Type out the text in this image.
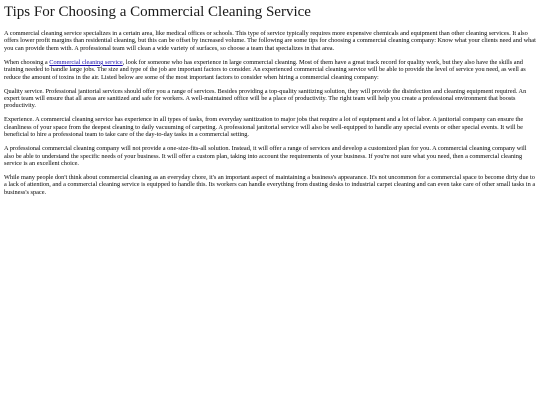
Tips For Choosing a Commercial Cleaning Service

A commercial cleaning service specializes in a certain area, like medical offices or schools. This type of service typically requires more expensive chemicals and equipment than other cleaning services. It also offers lower profit margins than residential cleaning, but this can be offset by increased volume. The following are some tips for choosing a commercial cleaning company: Know what your clients need and what you can provide them with. A professional team will clean a wide variety of surfaces, so choose a team that specializes in that area.

When choosing a Commercial cleaning service, look for someone who has experience in large commercial cleaning. Most of them have a great track record for quality work, but they also have the skills and training needed to handle large jobs. The size and type of the job are important factors to consider. An experienced commercial cleaning service will be able to provide the level of service you need, as well as reduce the amount of toxins in the air. Listed below are some of the most important factors to consider when hiring a commercial cleaning company:

Quality service. Professional janitorial services should offer you a range of services. Besides providing a top-quality sanitizing solution, they will provide the disinfection and cleaning equipment required. An expert team will ensure that all areas are sanitized and safe for workers. A well-maintained office will be a place of productivity. The right team will help you create a professional environment that boosts productivity.

Experience. A commercial cleaning service has experience in all types of tasks, from everyday sanitization to major jobs that require a lot of equipment and a lot of labor. A janitorial company can ensure the cleanliness of your space from the deepest cleaning to daily vacuuming of carpeting. A professional janitorial service will also be well-equipped to handle any special events or other special events. It will be beneficial to hire a professional team to take care of the day-to-day tasks in a commercial setting.

A professional commercial cleaning company will not provide a one-size-fits-all solution. Instead, it will offer a range of services and develop a customized plan for you. A commercial cleaning company will also be able to understand the specific needs of your business. It will offer a custom plan, taking into account the requirements of your business. If you're not sure what you need, then a commercial cleaning service is an excellent choice.

While many people don't think about commercial cleaning as an everyday chore, it's an important aspect of maintaining a business's appearance. It's not uncommon for a commercial space to become dirty due to a lack of attention, and a commercial cleaning service is equipped to handle this. Its workers can handle everything from dusting desks to industrial carpet cleaning and can even take care of other small tasks in a business's space.
